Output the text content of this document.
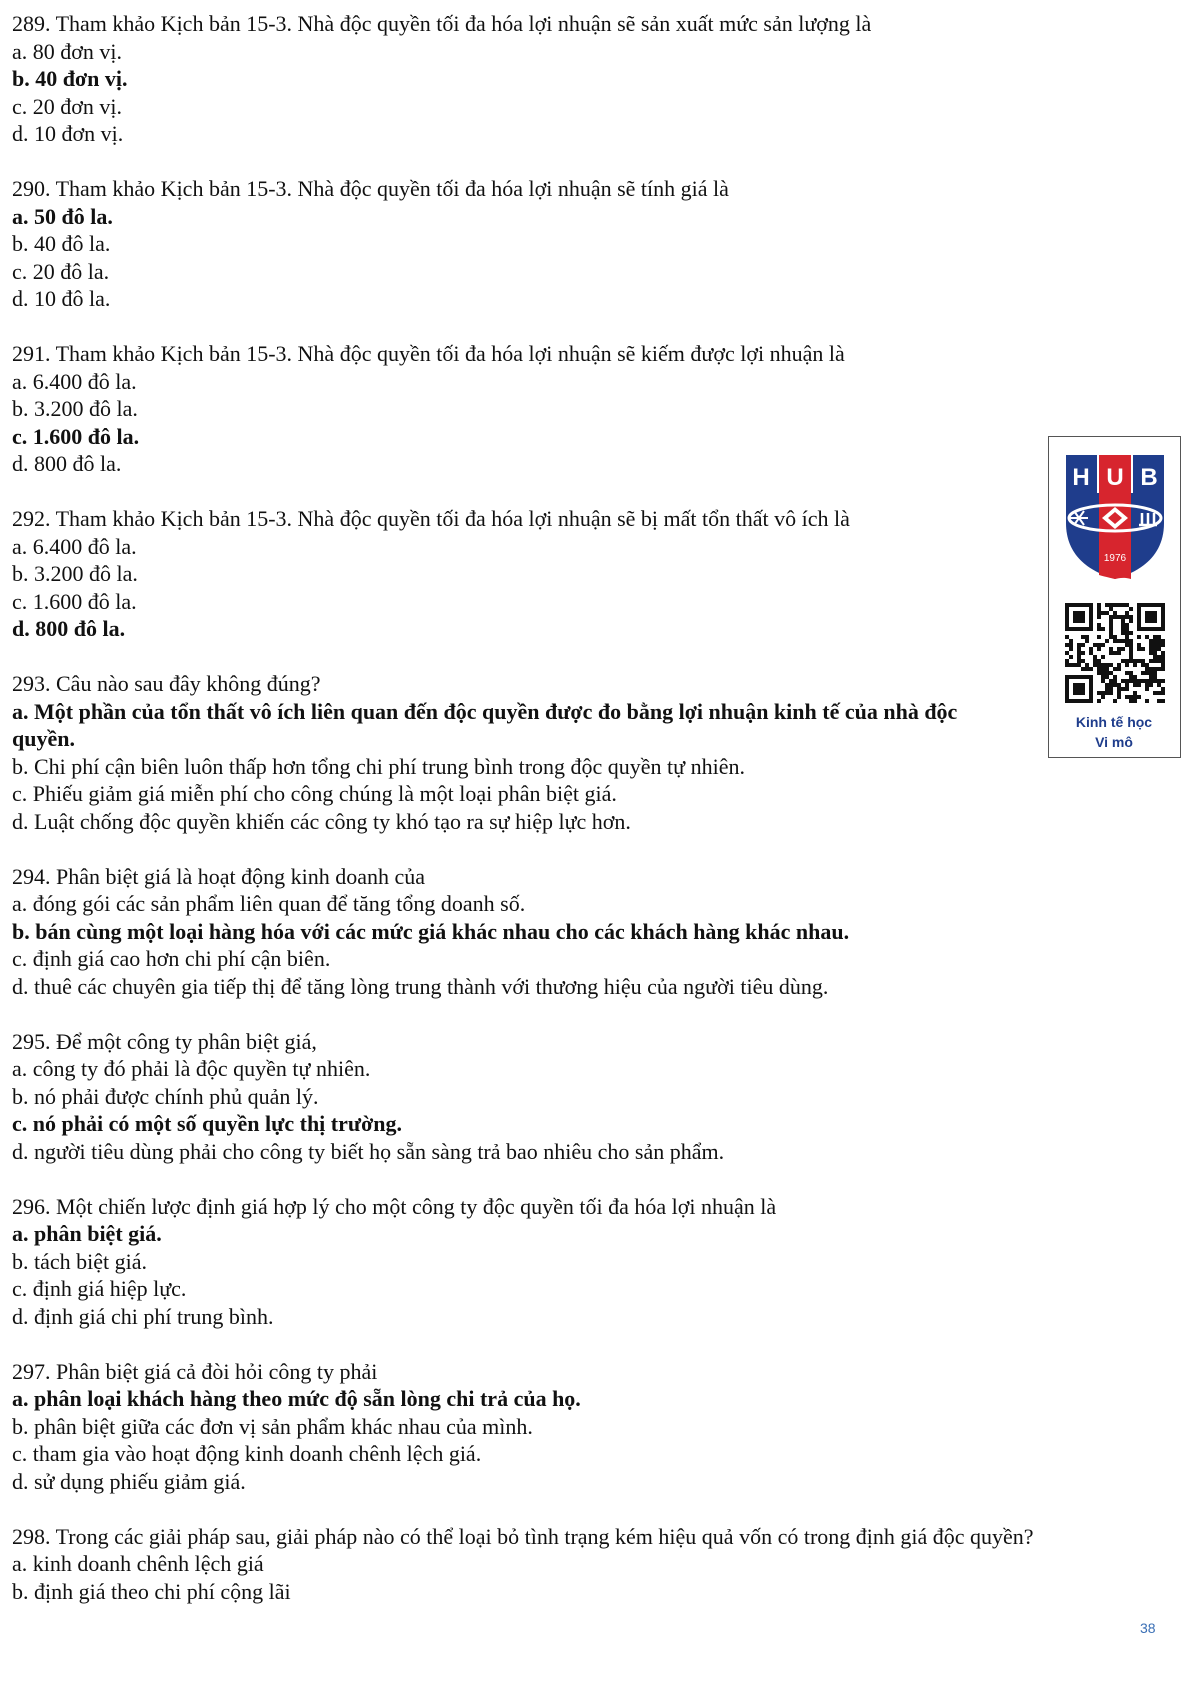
289. Tham khảo Kịch bản 15-3. Nhà độc quyền tối đa hóa lợi nhuận sẽ sản xuất mức sản lượng là
a. 80 đơn vị.
b. 40 đơn vị.
c. 20 đơn vị.
d. 10 đơn vị.
290. Tham khảo Kịch bản 15-3. Nhà độc quyền tối đa hóa lợi nhuận sẽ tính giá là
a. 50 đô la.
b. 40 đô la.
c. 20 đô la.
d. 10 đô la.
291. Tham khảo Kịch bản 15-3. Nhà độc quyền tối đa hóa lợi nhuận sẽ kiếm được lợi nhuận là
a. 6.400 đô la.
b. 3.200 đô la.
c. 1.600 đô la.
d. 800 đô la.
292. Tham khảo Kịch bản 15-3. Nhà độc quyền tối đa hóa lợi nhuận sẽ bị mất tổn thất vô ích là
a. 6.400 đô la.
b. 3.200 đô la.
c. 1.600 đô la.
d. 800 đô la.
293. Câu nào sau đây không đúng?
a. Một phần của tổn thất vô ích liên quan đến độc quyền được đo bằng lợi nhuận kinh tế của nhà độc quyền.
b. Chi phí cận biên luôn thấp hơn tổng chi phí trung bình trong độc quyền tự nhiên.
c. Phiếu giảm giá miễn phí cho công chúng là một loại phân biệt giá.
d. Luật chống độc quyền khiến các công ty khó tạo ra sự hiệp lực hơn.
294. Phân biệt giá là hoạt động kinh doanh của
a. đóng gói các sản phẩm liên quan để tăng tổng doanh số.
b. bán cùng một loại hàng hóa với các mức giá khác nhau cho các khách hàng khác nhau.
c. định giá cao hơn chi phí cận biên.
d. thuê các chuyên gia tiếp thị để tăng lòng trung thành với thương hiệu của người tiêu dùng.
295. Để một công ty phân biệt giá,
a. công ty đó phải là độc quyền tự nhiên.
b. nó phải được chính phủ quản lý.
c. nó phải có một số quyền lực thị trường.
d. người tiêu dùng phải cho công ty biết họ sẵn sàng trả bao nhiêu cho sản phẩm.
296. Một chiến lược định giá hợp lý cho một công ty độc quyền tối đa hóa lợi nhuận là
a. phân biệt giá.
b. tách biệt giá.
c. định giá hiệp lực.
d. định giá chi phí trung bình.
297. Phân biệt giá cả đòi hỏi công ty phải
a. phân loại khách hàng theo mức độ sẵn lòng chi trả của họ.
b. phân biệt giữa các đơn vị sản phẩm khác nhau của mình.
c. tham gia vào hoạt động kinh doanh chênh lệch giá.
d. sử dụng phiếu giảm giá.
298. Trong các giải pháp sau, giải pháp nào có thể loại bỏ tình trạng kém hiệu quả vốn có trong định giá độc quyền?
a. kinh doanh chênh lệch giá
b. định giá theo chi phí cộng lãi
H U B
1976
Kinh tế học
Vi mô
38
